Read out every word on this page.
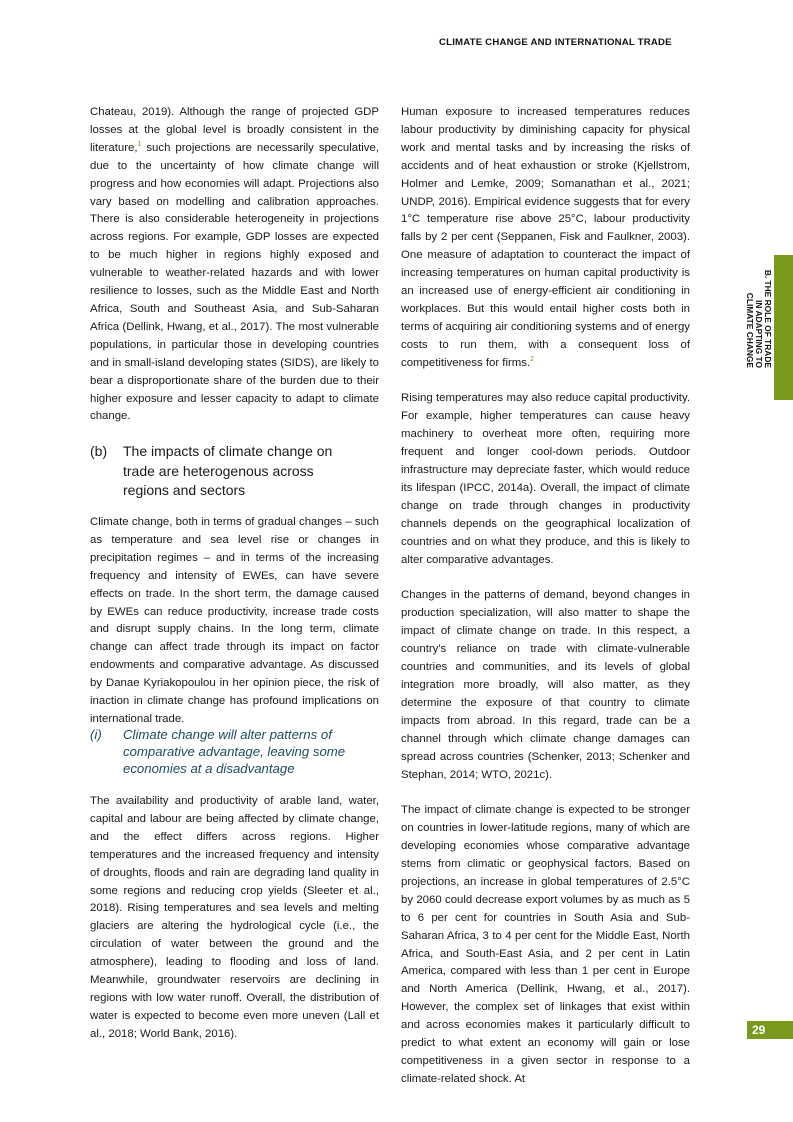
CLIMATE CHANGE AND INTERNATIONAL TRADE
B. THE ROLE OF TRADE
IN ADAPTING TO
CLIMATE CHANGE

Chateau, 2019). Although the range of projected GDP losses at the global level is broadly consistent in the literature,$^1$ such projections are necessarily speculative, due to the uncertainty of how climate change will progress and how economies will adapt. Projections also vary based on modelling and calibration approaches. There is also considerable heterogeneity in projections across regions. For example, GDP losses are expected to be much higher in regions highly exposed and vulnerable to weather-related hazards and with lower resilience to losses, such as the Middle East and North Africa, South and Southeast Asia, and Sub-Saharan Africa (Dellink, Hwang, et al., 2017). The most vulnerable populations, in particular those in developing countries and in small-island developing states (SIDS), are likely to bear a disproportionate share of the burden due to their higher exposure and lesser capacity to adapt to climate change.

(b)	The impacts of climate change on trade are heterogenous across regions and sectors

Climate change, both in terms of gradual changes – such as temperature and sea level rise or changes in precipitation regimes – and in terms of the increasing frequency and intensity of EWEs, can have severe effects on trade. In the short term, the damage caused by EWEs can reduce productivity, increase trade costs and disrupt supply chains. In the long term, climate change can affect trade through its impact on factor endowments and comparative advantage. As discussed by Danae Kyriakopoulou in her opinion piece, the risk of inaction in climate change has profound implications on international trade.

(i)	Climate change will alter patterns of comparative advantage, leaving some economies at a disadvantage

The availability and productivity of arable land, water, capital and labour are being affected by climate change, and the effect differs across regions. Higher temperatures and the increased frequency and intensity of droughts, floods and rain are degrading land quality in some regions and reducing crop yields (Sleeter et al., 2018). Rising temperatures and sea levels and melting glaciers are altering the hydrological cycle (i.e., the circulation of water between the ground and the atmosphere), leading to flooding and loss of land. Meanwhile, groundwater reservoirs are declining in regions with low water runoff. Overall, the distribution of water is expected to become even more uneven (Lall et al., 2018; World Bank, 2016).

Human exposure to increased temperatures reduces labour productivity by diminishing capacity for physical work and mental tasks and by increasing the risks of accidents and of heat exhaustion or stroke (Kjellstrom, Holmer and Lemke, 2009; Somanathan et al., 2021; UNDP, 2016). Empirical evidence suggests that for every 1°C temperature rise above 25°C, labour productivity falls by 2 per cent (Seppanen, Fisk and Faulkner, 2003). One measure of adaptation to counteract the impact of increasing temperatures on human capital productivity is an increased use of energy-efficient air conditioning in workplaces. But this would entail higher costs both in terms of acquiring air conditioning systems and of energy costs to run them, with a consequent loss of competitiveness for firms.$^2$

Rising temperatures may also reduce capital productivity. For example, higher temperatures can cause heavy machinery to overheat more often, requiring more frequent and longer cool-down periods. Outdoor infrastructure may depreciate faster, which would reduce its lifespan (IPCC, 2014a). Overall, the impact of climate change on trade through changes in productivity channels depends on the geographical localization of countries and on what they produce, and this is likely to alter comparative advantages.

Changes in the patterns of demand, beyond changes in production specialization, will also matter to shape the impact of climate change on trade. In this respect, a country's reliance on trade with climate-vulnerable countries and communities, and its levels of global integration more broadly, will also matter, as they determine the exposure of that country to climate impacts from abroad. In this regard, trade can be a channel through which climate change damages can spread across countries (Schenker, 2013; Schenker and Stephan, 2014; WTO, 2021c).

The impact of climate change is expected to be stronger on countries in lower-latitude regions, many of which are developing economies whose comparative advantage stems from climatic or geophysical factors. Based on projections, an increase in global temperatures of 2.5°C by 2060 could decrease export volumes by as much as 5 to 6 per cent for countries in South Asia and Sub-Saharan Africa, 3 to 4 per cent for the Middle East, North Africa, and South-East Asia, and 2 per cent in Latin America, compared with less than 1 per cent in Europe and North America (Dellink, Hwang, et al., 2017). However, the complex set of linkages that exist within and across economies makes it particularly difficult to predict to what extent an economy will gain or lose competitiveness in a given sector in response to a climate-related shock. At

29
